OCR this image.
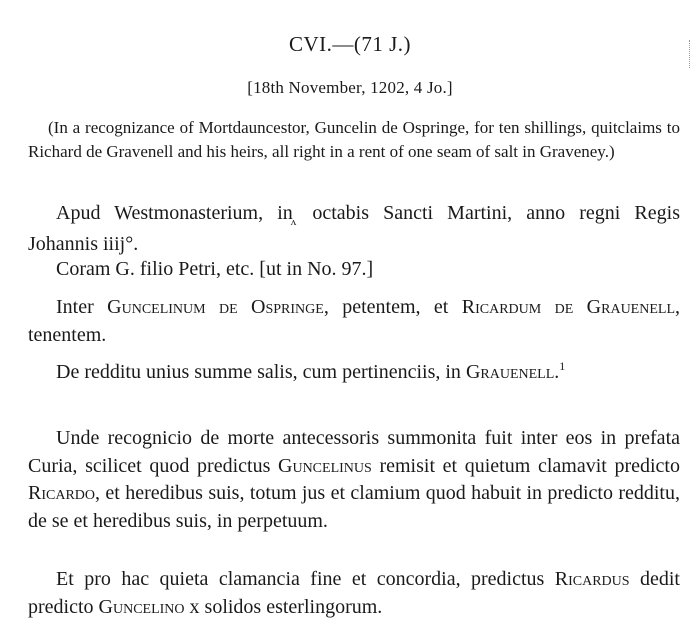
CVI.—(71 J.)
[18th November, 1202, 4 Jo.]
(In a recognizance of Mortdauncestor, Guncelin de Ospringe, for ten shillings, quitclaims to Richard de Gravenell and his heirs, all right in a rent of one seam of salt in Graveney.)
Apud Westmonasterium, $in_ʌ$ octabis Sancti Martini, anno regni Regis Johannis iiij°.
Coram G. filio Petri, etc. [ut in No. 97.]
Inter Guncelinum de Ospringe, petentem, et Ricardum de Grauenell, tenentem.
De redditu unius summe salis, cum pertinenciis, in Grauenell.$^1$
Unde recognicio de morte antecessoris summonita fuit inter eos in prefata Curia, scilicet quod predictus Guncelinus remisit et quietum clamavit predicto Ricardo, et heredibus suis, totum jus et clamium quod habuit in predicto redditu, de se et heredibus suis, in perpetuum.
Et pro hac quieta clamancia fine et concordia, predictus Ricardus dedit predicto Guncelino x solidos esterlingorum.
